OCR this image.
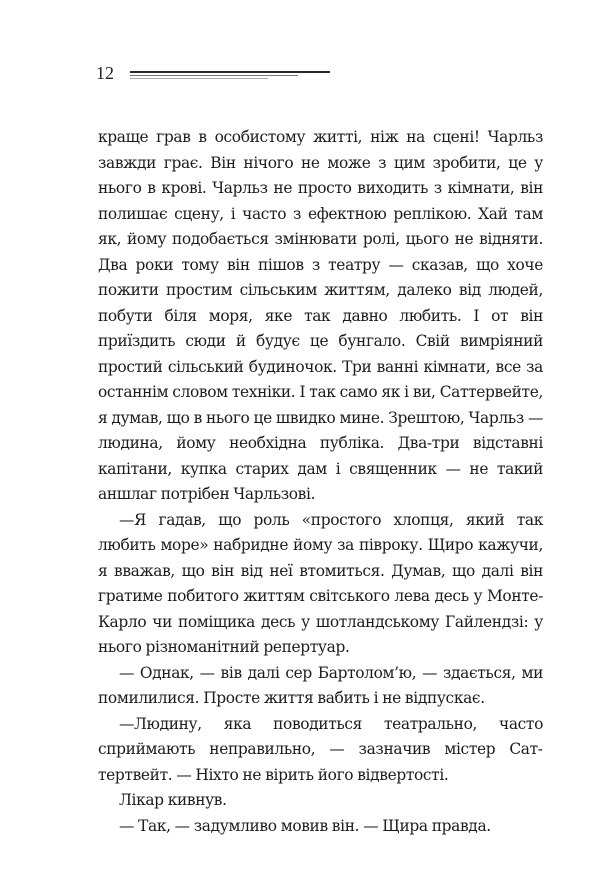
12

краще грав в особистому житті, ніж на сцені! Чарльз завжди грає. Він нічого не може з цим зробити, це у нього в крові. Чарльз не просто виходить з кімнати, він полишає сцену, і часто з ефектною реплікою. Хай там як, йому подобається змінювати ролі, цього не відняти. Два роки тому він пішов з театру — сказав, що хоче пожити простим сільським життям, далеко від людей, побути біля моря, яке так давно любить. І от він приїздить сюди й будує це бунгало. Свій вимріяний простий сільський будиночок. Три ванні кімнати, все за останнім словом техніки. І так само як і ви, Саттервейте, я думав, що в нього це швидко мине. Зрештою, Чарльз — людина, йому необхідна публіка. Два-три відставні капітани, купка старих дам і священник — не такий аншлаг потрібен Чарльзові.

—Я гадав, що роль «простого хлопця, який так любить море» набридне йому за півроку. Щиро кажучи, я вважав, що він від неї втомиться. Думав, що далі він гратиме побитого життям світського лева десь у Монте-Карло чи поміщика десь у шотландському Гайлендзі: у нього різноманітний репертуар.

— Однак, — вів далі сер Бартолом’ю, — здається, ми помилилися. Просте життя вабить і не відпускає.

—Людину, яка поводиться театрально, часто сприймають неправильно, — зазначив містер Саттертвейт. — Ніхто не вірить його відвертості.

Лікар кивнув.

— Так, — задумливо мовив він. — Щира правда.
